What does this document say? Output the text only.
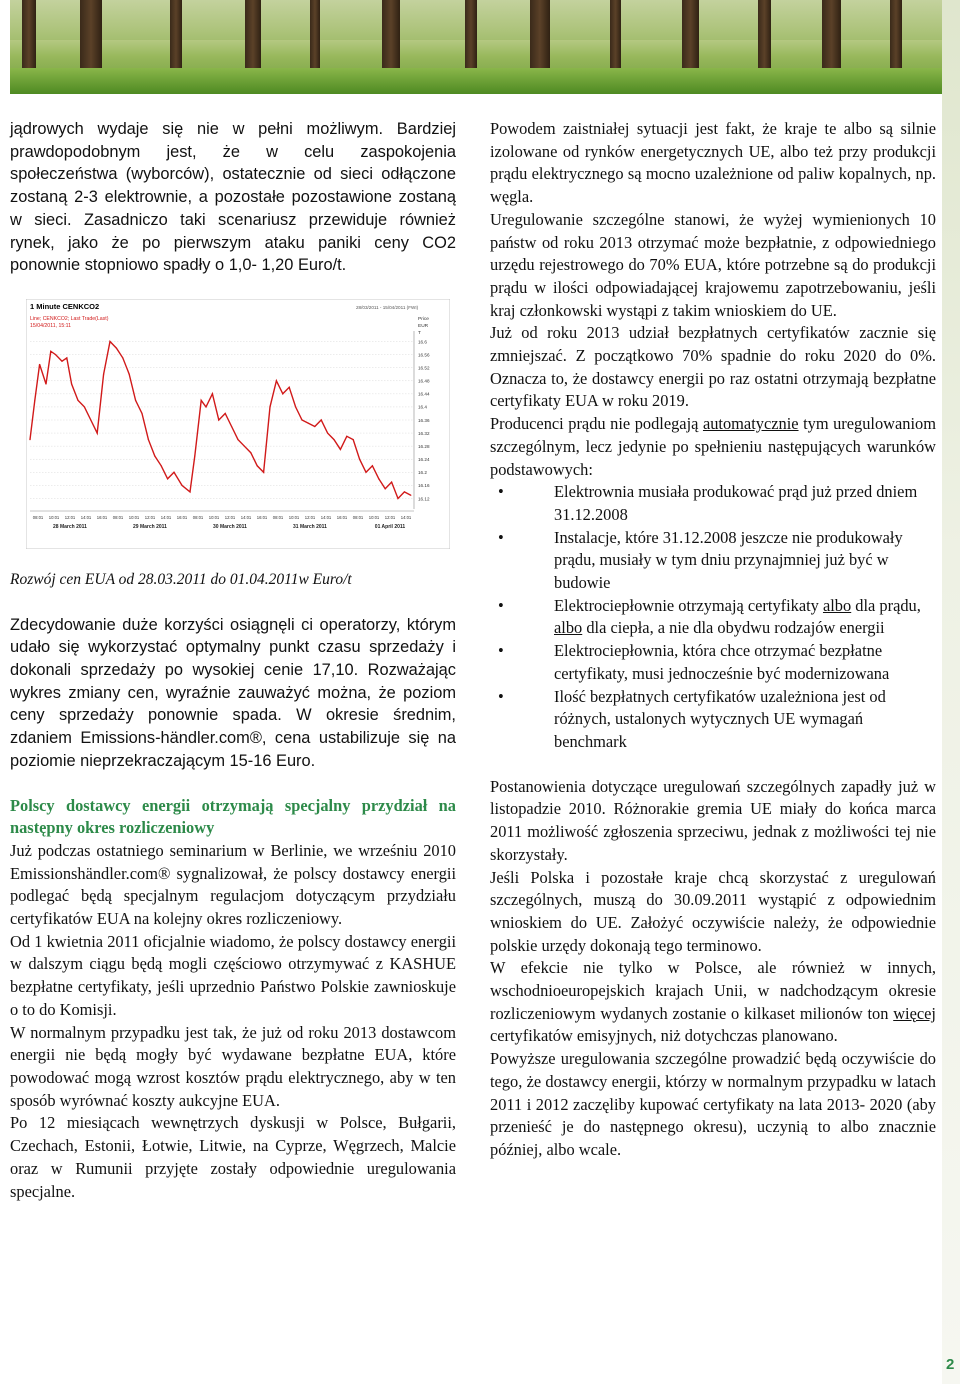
jądrowych wydaje się nie w pełni możliwym. Bardziej prawdopodobnym jest, że w celu zaspokojenia społeczeństwa (wyborców), ostatecznie od sieci odłączone zostaną 2-3 elektrownie, a pozostałe pozostawione zostaną w sieci. Zasadniczo taki scenariusz przewiduje również rynek, jako że po pierwszym ataku paniki ceny CO2 ponownie stopniowo spadły o 1,0- 1,20 Euro/t.

1 Minute CENKCO2
Line; CENKCO2; Last Trade(Last)
15/04/2011, 15:11
28/03/2011 - 15/04/2011 (FWI)
Price
EUR
T
16.6
16.56
16.52
16.48
16.44
16.4
16.36
16.32
16.28
16.24
16.2
16.16
16.12
08:01 10:01 12:01 14:01 16:01 08:01 10:01 12:01 14:01 16:01 08:01 10:01 12:01 14:01 16:01 08:01 10:01 12:01 14:01 16:01 08:01 10:01 12:01 14:01
28 March 2011	29 March 2011	30 March 2011	31 March 2011	01 April 2011

Rozwój cen EUA od 28.03.2011 do 01.04.2011w Euro/t

Zdecydowanie duże korzyści osiągnęli ci operatorzy, którym udało się wykorzystać optymalny punkt czasu sprzedaży i dokonali sprzedaży po wysokiej cenie 17,10. Rozważając wykres zmiany cen, wyraźnie zauważyć można, że poziom ceny sprzedaży ponownie spada. W okresie średnim, zdaniem Emissions-händler.com®, cena ustabilizuje się na poziomie nieprzekraczającym 15-16 Euro.

Polscy dostawcy energii otrzymają specjalny przydział na następny okres rozliczeniowy

Już podczas ostatniego seminarium w Berlinie, we wrześniu 2010 Emissionshändler.com® sygnalizował, że polscy dostawcy energii podlegać będą specjalnym regulacjom dotyczącym przydziału certyfikatów EUA na kolejny okres rozliczeniowy.

Od 1 kwietnia 2011 oficjalnie wiadomo, że polscy dostawcy energii w dalszym ciągu będą mogli częściowo otrzymywać z KASHUE bezpłatne certyfikaty, jeśli uprzednio Państwo Polskie zawnioskuje o to do Komisji.

W normalnym przypadku jest tak, że już od roku 2013 dostawcom energii nie będą mogły być wydawane bezpłatne EUA, które powodować mogą wzrost kosztów prądu elektrycznego, aby w ten sposób wyrównać koszty aukcyjne EUA.

Po 12 miesiącach wewnętrzych dyskusji w Polsce, Bułgarii, Czechach, Estonii, Łotwie, Litwie, na Cyprze, Węgrzech, Malcie oraz w Rumunii przyjęte zostały odpowiednie uregulowania specjalne.

Powodem zaistniałej sytuacji jest fakt, że kraje te albo są silnie izolowane od rynków energetycznych UE, albo też przy produkcji prądu elektrycznego są mocno uzależnione od paliw kopalnych, np. węgla.

Uregulowanie szczególne stanowi, że wyżej wymienionych 10 państw od roku 2013 otrzymać może bezpłatnie, z odpowiedniego urzędu rejestrowego do 70% EUA, które potrzebne są do produkcji prądu w ilości odpowiadającej krajowemu zapotrzebowaniu, jeśli kraj członkowski wystąpi z takim wnioskiem do UE.

Już od roku 2013 udział bezpłatnych certyfikatów zacznie się zmniejszać. Z początkowo 70% spadnie do roku 2020 do 0%. Oznacza to, że dostawcy energii po raz ostatni otrzymają bezpłatne certyfikaty EUA w roku 2019.

Producenci prądu nie podlegają automatycznie tym uregulowaniom szczególnym, lecz jedynie po spełnieniu następujących warunków podstawowych:

•	Elektrownia musiała produkować prąd już przed dniem 31.12.2008
•	Instalacje, które 31.12.2008 jeszcze nie produkowały prądu, musiały w tym dniu przynajmniej już być w budowie
•	Elektrociepłownie otrzymają certyfikaty albo dla prądu, albo dla ciepła, a nie dla obydwu rodzajów energii
•	Elektrociepłownia, która chce otrzymać bezpłatne certyfikaty, musi jednocześnie być modernizowana
•	Ilość bezpłatnych certyfikatów uzależniona jest od różnych, ustalonych wytycznych UE wymagań benchmark

Postanowienia dotyczące uregulowań szczególnych zapadły już w listopadzie 2010. Różnorakie gremia UE miały do końca marca 2011 możliwość zgłoszenia sprzeciwu, jednak z możliwości tej nie skorzystały.

Jeśli Polska i pozostałe kraje chcą skorzystać z uregulowań szczególnych, muszą do 30.09.2011 wystąpić z odpowiednim wnioskiem do UE. Założyć oczywiście należy, że odpowiednie polskie urzędy dokonają tego terminowo.

W efekcie nie tylko w Polsce, ale również w innych, wschodnioeuropejskich krajach Unii, w nadchodzącym okresie rozliczeniowym wydanych zostanie o kilkaset milionów ton więcej certyfikatów emisyjnych, niż dotychczas planowano.

Powyższe uregulowania szczególne prowadzić będą oczywiście do tego, że dostawcy energii, którzy w normalnym przypadku w latach 2011 i 2012 zaczęliby kupować certyfikaty na lata 2013- 2020 (aby przenieść je do następnego okresu), uczynią to albo znacznie później, albo wcale.

2
